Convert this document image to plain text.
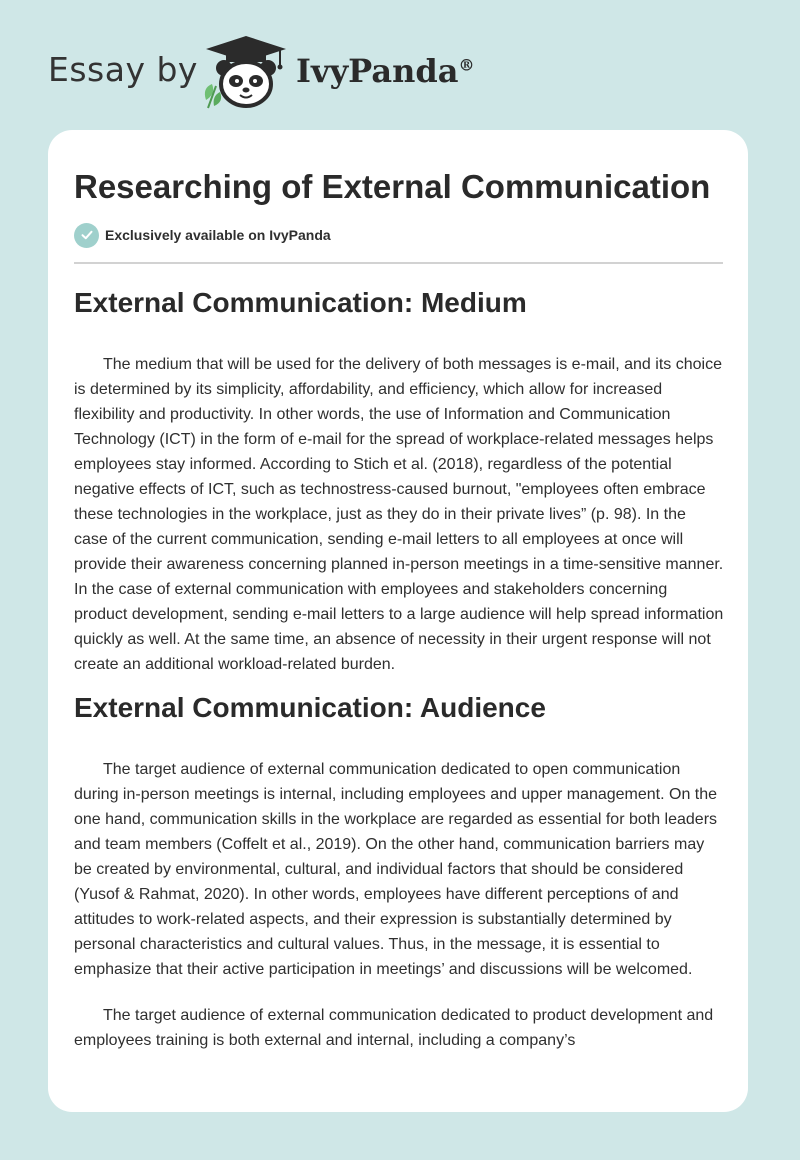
Essay by	IvyPanda®
Researching of External Communication
Exclusively available on IvyPanda
External Communication: Medium

The medium that will be used for the delivery of both messages is e-mail, and its choice is determined by its simplicity, affordability, and efficiency, which allow for increased flexibility and productivity. In other words, the use of Information and Communication Technology (ICT) in the form of e-mail for the spread of workplace-related messages helps employees stay informed. According to Stich et al. (2018), regardless of the potential negative effects of ICT, such as technostress-caused burnout, "employees often embrace these technologies in the workplace, just as they do in their private lives” (p. 98). In the case of the current communication, sending e-mail letters to all employees at once will provide their awareness concerning planned in-person meetings in a time-sensitive manner. In the case of external communication with employees and stakeholders concerning product development, sending e-mail letters to a large audience will help spread information quickly as well. At the same time, an absence of necessity in their urgent response will not create an additional workload-related burden.

External Communication: Audience

The target audience of external communication dedicated to open communication during in-person meetings is internal, including employees and upper management. On the one hand, communication skills in the workplace are regarded as essential for both leaders and team members (Coffelt et al., 2019). On the other hand, communication barriers may be created by environmental, cultural, and individual factors that should be considered (Yusof & Rahmat, 2020). In other words, employees have different perceptions of and attitudes to work-related aspects, and their expression is substantially determined by personal characteristics and cultural values. Thus, in the message, it is essential to emphasize that their active participation in meetings’ and discussions will be welcomed.

The target audience of external communication dedicated to product development and employees training is both external and internal, including a company’s
